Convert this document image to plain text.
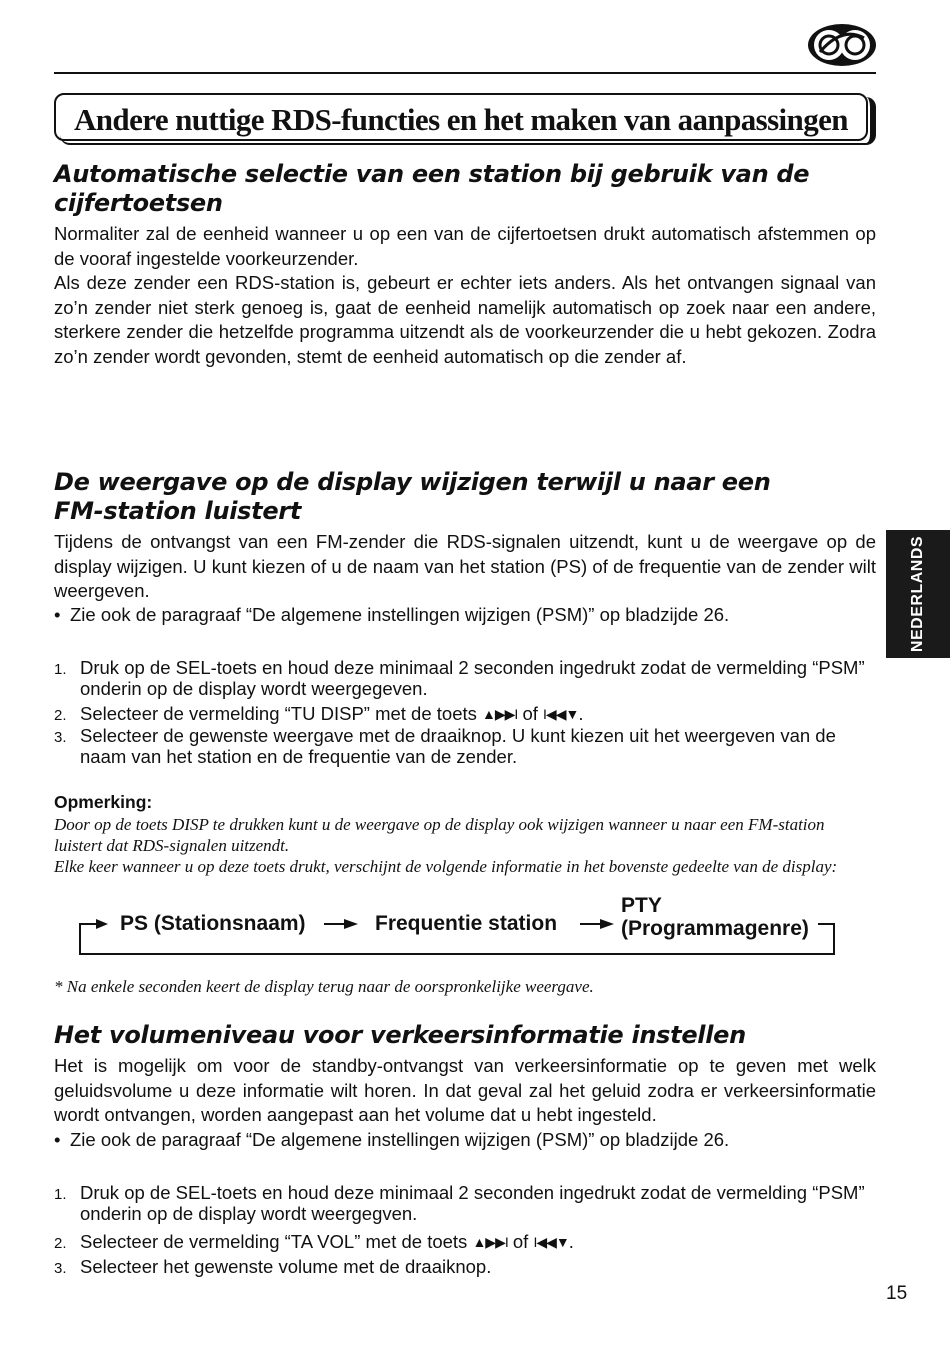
Andere nuttige RDS-functies en het maken van aanpassingen
Automatische selectie van een station bij gebruik van de
cijfertoetsen
Normaliter zal de eenheid wanneer u op een van de cijfertoetsen drukt automatisch afstemmen op de vooraf ingestelde voorkeurzender.
Als deze zender een RDS-station is, gebeurt er echter iets anders. Als het ontvangen signaal van zo’n zender niet sterk genoeg is, gaat de eenheid namelijk automatisch op zoek naar een andere, sterkere zender die hetzelfde programma uitzendt als de voorkeurzender die u hebt gekozen. Zodra zo’n zender wordt gevonden, stemt de eenheid automatisch op die zender af.
De weergave op de display wijzigen terwijl u naar een
FM-station luistert
Tijdens de ontvangst van een FM-zender die RDS-signalen uitzendt, kunt u de weergave op de display wijzigen. U kunt kiezen of u de naam van het station (PS) of de frequentie van de zender wilt weergeven.
• Zie ook de paragraaf “De algemene instellingen wijzigen (PSM)” op bladzijde 26.
1. Druk op de SEL-toets en houd deze minimaal 2 seconden ingedrukt zodat de vermelding “PSM” onderin op de display wordt weergegeven.
2. Selecteer de vermelding “TU DISP” met de toets ▲▶▶I of I◀◀▼.
3. Selecteer de gewenste weergave met de draaiknop. U kunt kiezen uit het weergeven van de naam van het station en de frequentie van de zender.
Opmerking:
Door op de toets DISP te drukken kunt u de weergave op de display ook wijzigen wanneer u naar een FM-station luistert dat RDS-signalen uitzendt.
Elke keer wanneer u op deze toets drukt, verschijnt de volgende informatie in het bovenste gedeelte van de display:
PS (Stationsnaam)	Frequentie station
PTY
(Programmagenre)
* Na enkele seconden keert de display terug naar de oorspronkelijke weergave.
Het volumeniveau voor verkeersinformatie instellen
Het is mogelijk om voor de standby-ontvangst van verkeersinformatie op te geven met welk geluidsvolume u deze informatie wilt horen. In dat geval zal het geluid zodra er verkeersinformatie wordt ontvangen, worden aangepast aan het volume dat u hebt ingesteld.
• Zie ook de paragraaf “De algemene instellingen wijzigen (PSM)” op bladzijde 26.
1. Druk op de SEL-toets en houd deze minimaal 2 seconden ingedrukt zodat de vermelding “PSM” onderin op de display wordt weergegven.
2. Selecteer de vermelding “TA VOL” met de toets ▲▶▶I of I◀◀▼.
3. Selecteer het gewenste volume met de draaiknop.
NEDERLANDS
15
